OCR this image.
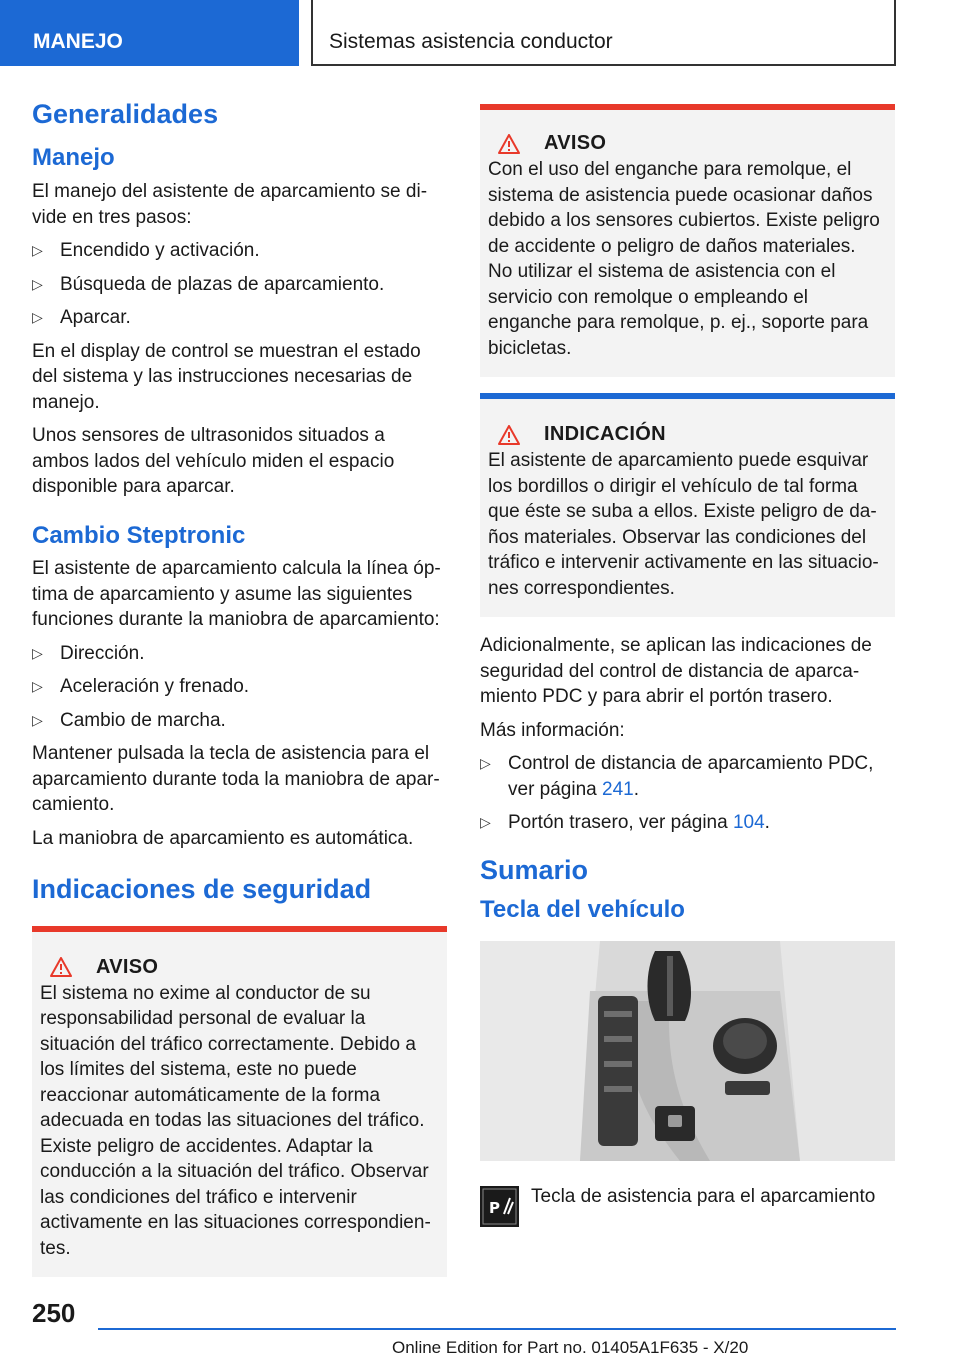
MANEJO	Sistemas asistencia conductor
Generalidades
Manejo

El manejo del asistente de aparcamiento se divide en tres pasos:

▷ Encendido y activación.
▷ Búsqueda de plazas de aparcamiento.
▷ Aparcar.

En el display de control se muestran el estado del sistema y las instrucciones necesarias de manejo.

Unos sensores de ultrasonidos situados a ambos lados del vehículo miden el espacio disponible para aparcar.

Cambio Steptronic

El asistente de aparcamiento calcula la línea óptima de aparcamiento y asume las siguientes funciones durante la maniobra de aparcamiento:

▷ Dirección.
▷ Aceleración y frenado.
▷ Cambio de marcha.

Mantener pulsada la tecla de asistencia para el aparcamiento durante toda la maniobra de aparcamiento.

La maniobra de aparcamiento es automática.

Indicaciones de seguridad
AVISO

El sistema no exime al conductor de su responsabilidad personal de evaluar la situación del tráfico correctamente. Debido a los límites del sistema, este no puede reaccionar automáticamente de la forma adecuada en todas las situaciones del tráfico. Existe peligro de accidentes. Adaptar la conducción a la situación del tráfico. Observar las condiciones del tráfico e intervenir activamente en las situaciones correspondientes.

AVISO

Con el uso del enganche para remolque, el sistema de asistencia puede ocasionar daños debido a los sensores cubiertos. Existe peligro de accidente o peligro de daños materiales. No utilizar el sistema de asistencia con el servicio con remolque o empleando el enganche para remolque, p. ej., soporte para bicicletas.

INDICACIÓN

El asistente de aparcamiento puede esquivar los bordillos o dirigir el vehículo de tal forma que éste se suba a ellos. Existe peligro de daños materiales. Observar las condiciones del tráfico e intervenir activamente en las situaciones correspondientes.

Adicionalmente, se aplican las indicaciones de seguridad del control de distancia de aparcamiento PDC y para abrir el portón trasero.

Más información:

▷ Control de distancia de aparcamiento PDC, ver página 241.
▷ Portón trasero, ver página 104.
Sumario
Tecla del vehículo
P

Tecla de asistencia para el aparcamiento

250
Online Edition for Part no. 01405A1F635 - X/20
